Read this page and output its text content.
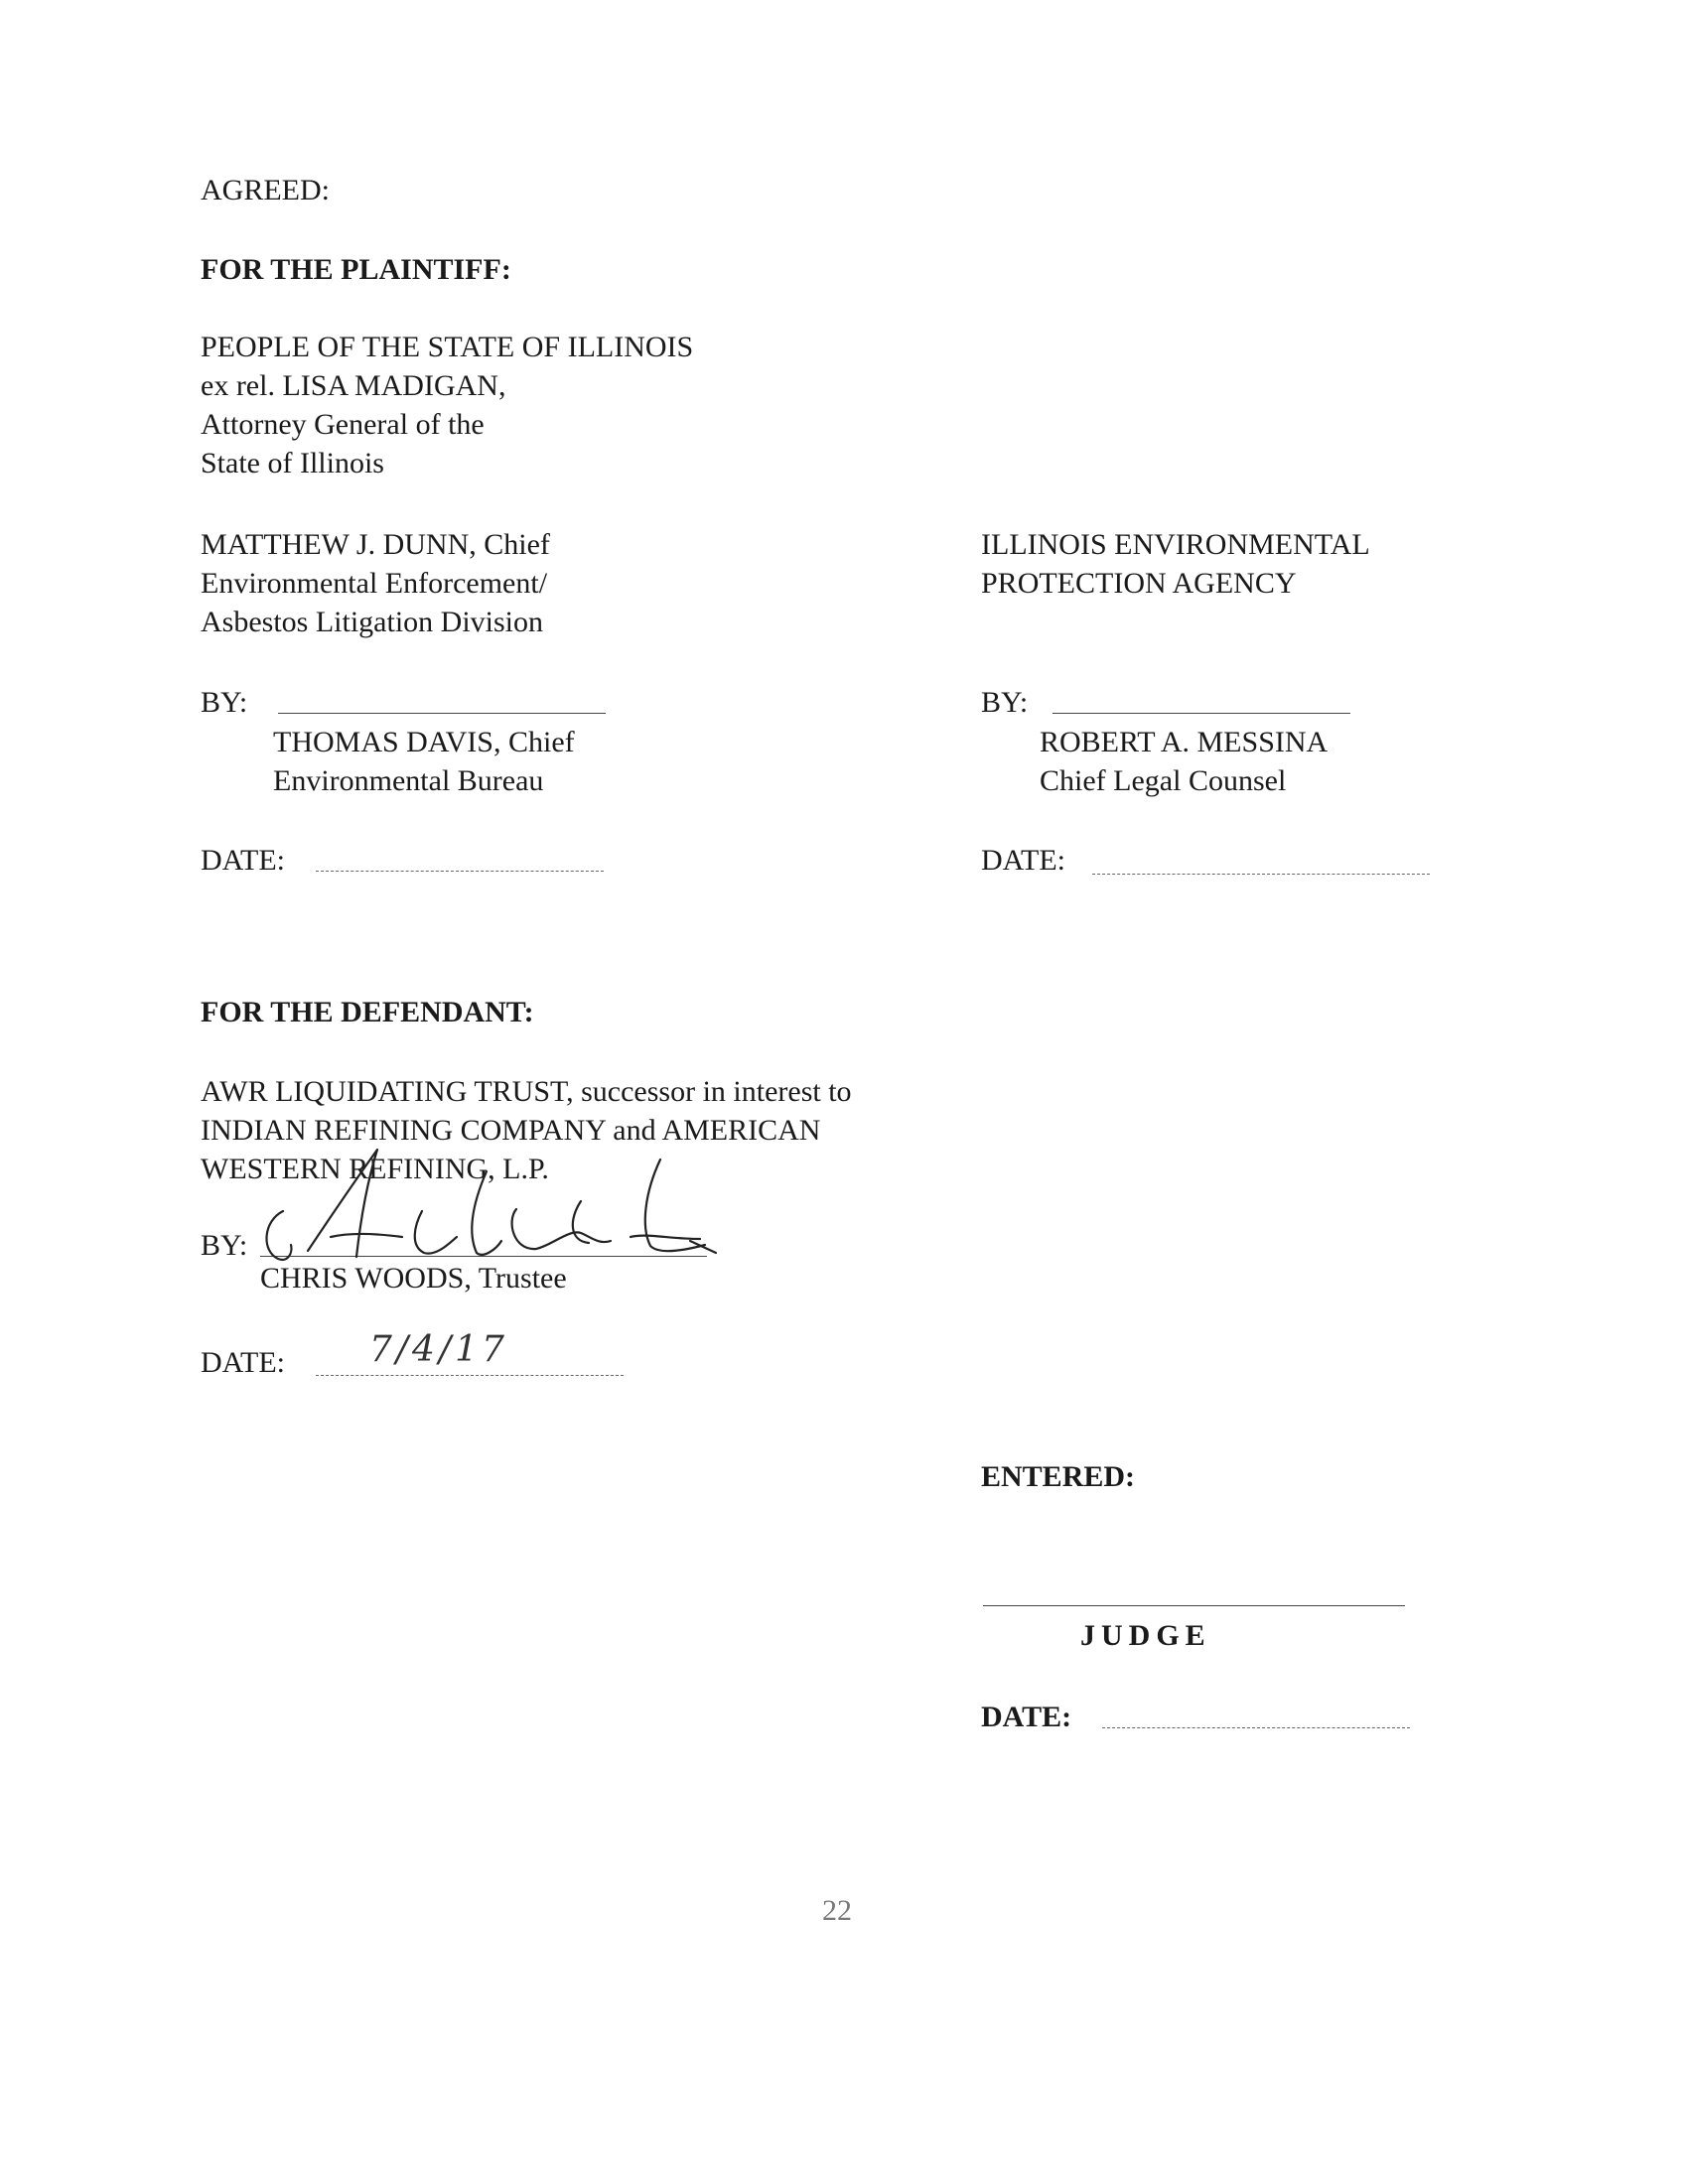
AGREED:
FOR THE PLAINTIFF:
PEOPLE OF THE STATE OF ILLINOIS
ex rel. LISA MADIGAN,
Attorney General of the
State of Illinois
MATTHEW J. DUNN, Chief
Environmental Enforcement/
Asbestos Litigation Division
BY:
THOMAS DAVIS, Chief
Environmental Bureau
DATE:
ILLINOIS ENVIRONMENTAL
PROTECTION AGENCY
BY:
ROBERT A. MESSINA
Chief Legal Counsel
DATE:
FOR THE DEFENDANT:
AWR LIQUIDATING TRUST, successor in interest to
INDIAN REFINING COMPANY and AMERICAN
WESTERN REFINING, L.P.
BY:
CHRIS WOODS, Trustee
DATE: 7/4/17
ENTERED:
JUDGE
DATE:
22
